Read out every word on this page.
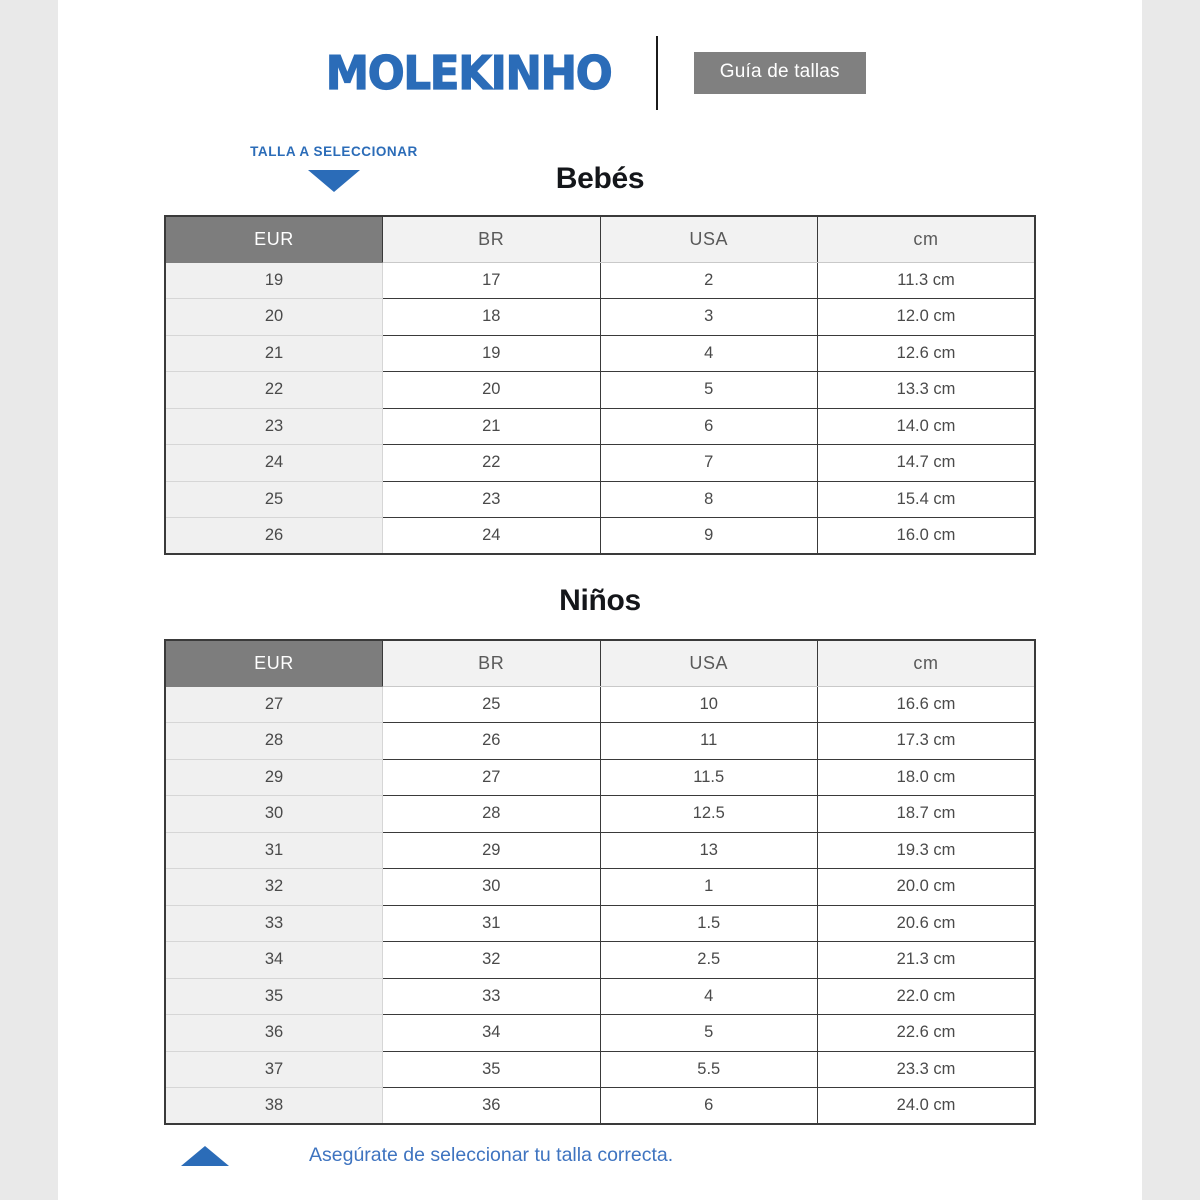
MOLEKINHO	Guía de tallas
TALLA A SELECCIONAR
Bebés
EUR	BR	USA	cm
19	17	2	11.3 cm
20	18	3	12.0 cm
21	19	4	12.6 cm
22	20	5	13.3 cm
23	21	6	14.0 cm
24	22	7	14.7 cm
25	23	8	15.4 cm
26	24	9	16.0 cm
Niños
EUR	BR	USA	cm
27	25	10	16.6 cm
28	26	11	17.3 cm
29	27	11.5	18.0 cm
30	28	12.5	18.7 cm
31	29	13	19.3 cm
32	30	1	20.0 cm
33	31	1.5	20.6 cm
34	32	2.5	21.3 cm
35	33	4	22.0 cm
36	34	5	22.6 cm
37	35	5.5	23.3 cm
38	36	6	24.0 cm
Asegúrate de seleccionar tu talla correcta.
